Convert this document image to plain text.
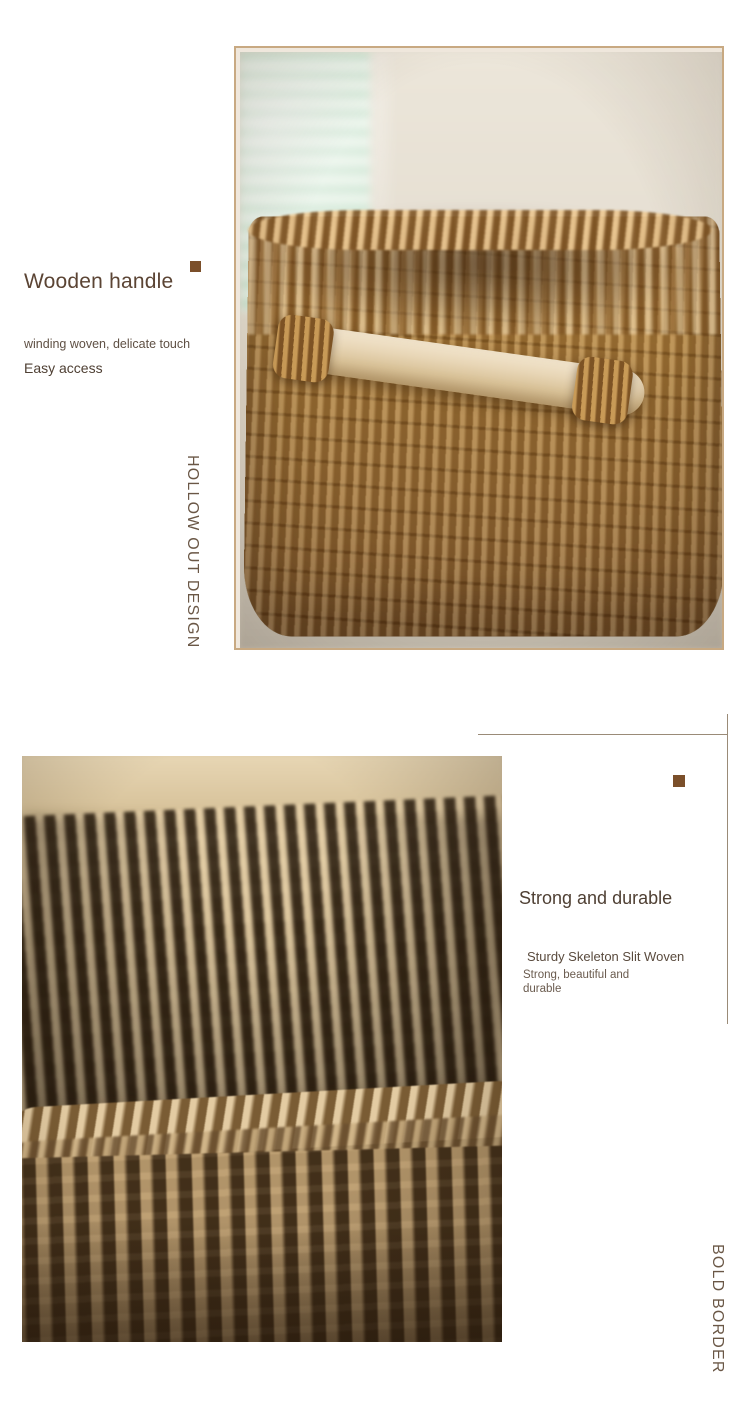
Wooden handle
winding woven, delicate touch
Easy access
HOLLOW OUT DESIGN
Strong and durable
Sturdy Skeleton Slit Woven
Strong, beautiful and durable
BOLD BORDER
